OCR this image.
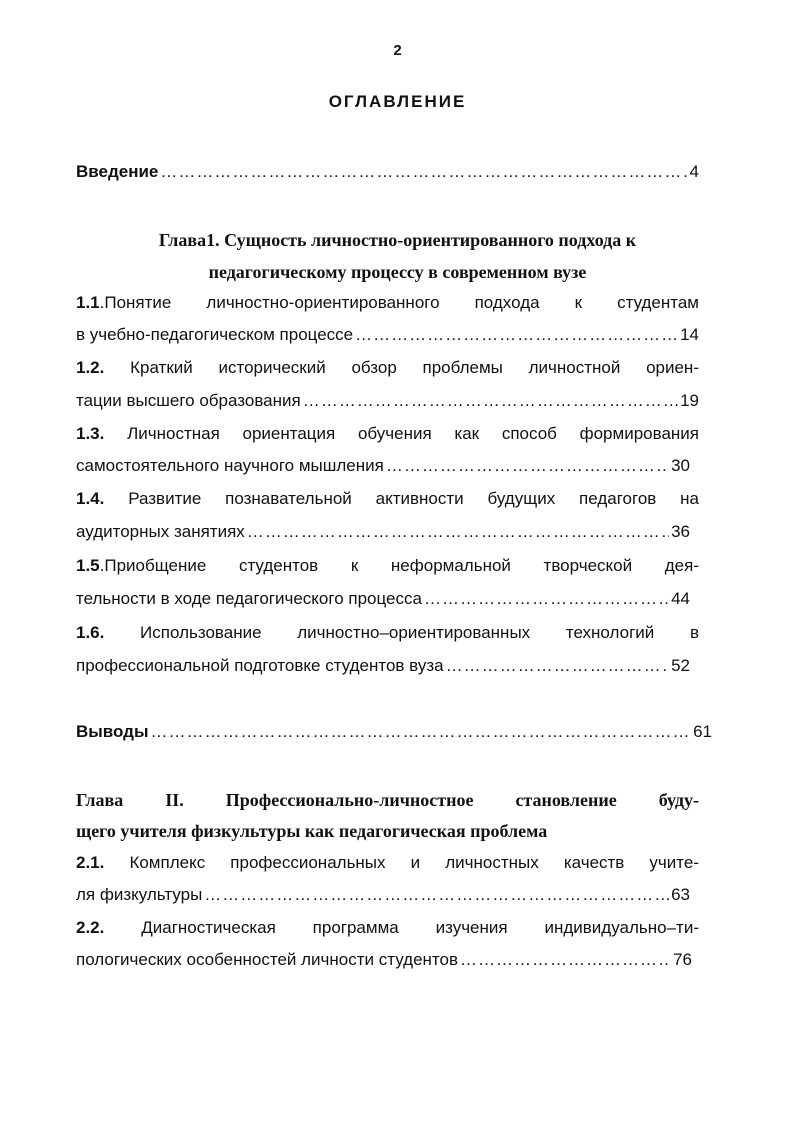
2
ОГЛАВЛЕНИЕ
Введение ………………………………………………………………………………………………………………………………………………	4
Глава1. Сущность личностно-ориентированного подхода к
педагогическому процессу в современном вузе
1.1.Понятие личностно-ориентированного подхода к студентам
в учебно-педагогическом процессе ………………………………………………………………………………………………………………………………………………	14
1.2. Краткий исторический обзор проблемы личностной ориен-
тации высшего образования ………………………………………………………………………………………………………………………………………………	19
1.3. Личностная ориентация обучения как способ формирования
самостоятельного научного мышления ………………………………………………………………………………………………………………………………………………	30
1.4. Развитие познавательной активности будущих педагогов на
аудиторных занятиях ………………………………………………………………………………………………………………………………………………	36
1.5.Приобщение студентов к неформальной творческой дея-
тельности в ходе педагогического процесса ………………………………………………………………………………………………………………………………………………	44
1.6. Использование личностно–ориентированных технологий в
профессиональной подготовке студентов вуза ………………………………………………………………………………………………………………………………………………	52
Выводы ………………………………………………………………………………………………………………………………………………	61
Глава II. Профессионально-личностное становление буду-
щего учителя физкультуры как педагогическая проблема
2.1. Комплекс профессиональных и личностных качеств учите-
ля физкультуры ………………………………………………………………………………………………………………………………………………	63
2.2. Диагностическая программа изучения индивидуально–ти-
пологических особенностей личности студентов ………………………………………………………………………………………………………………………………………………	76
